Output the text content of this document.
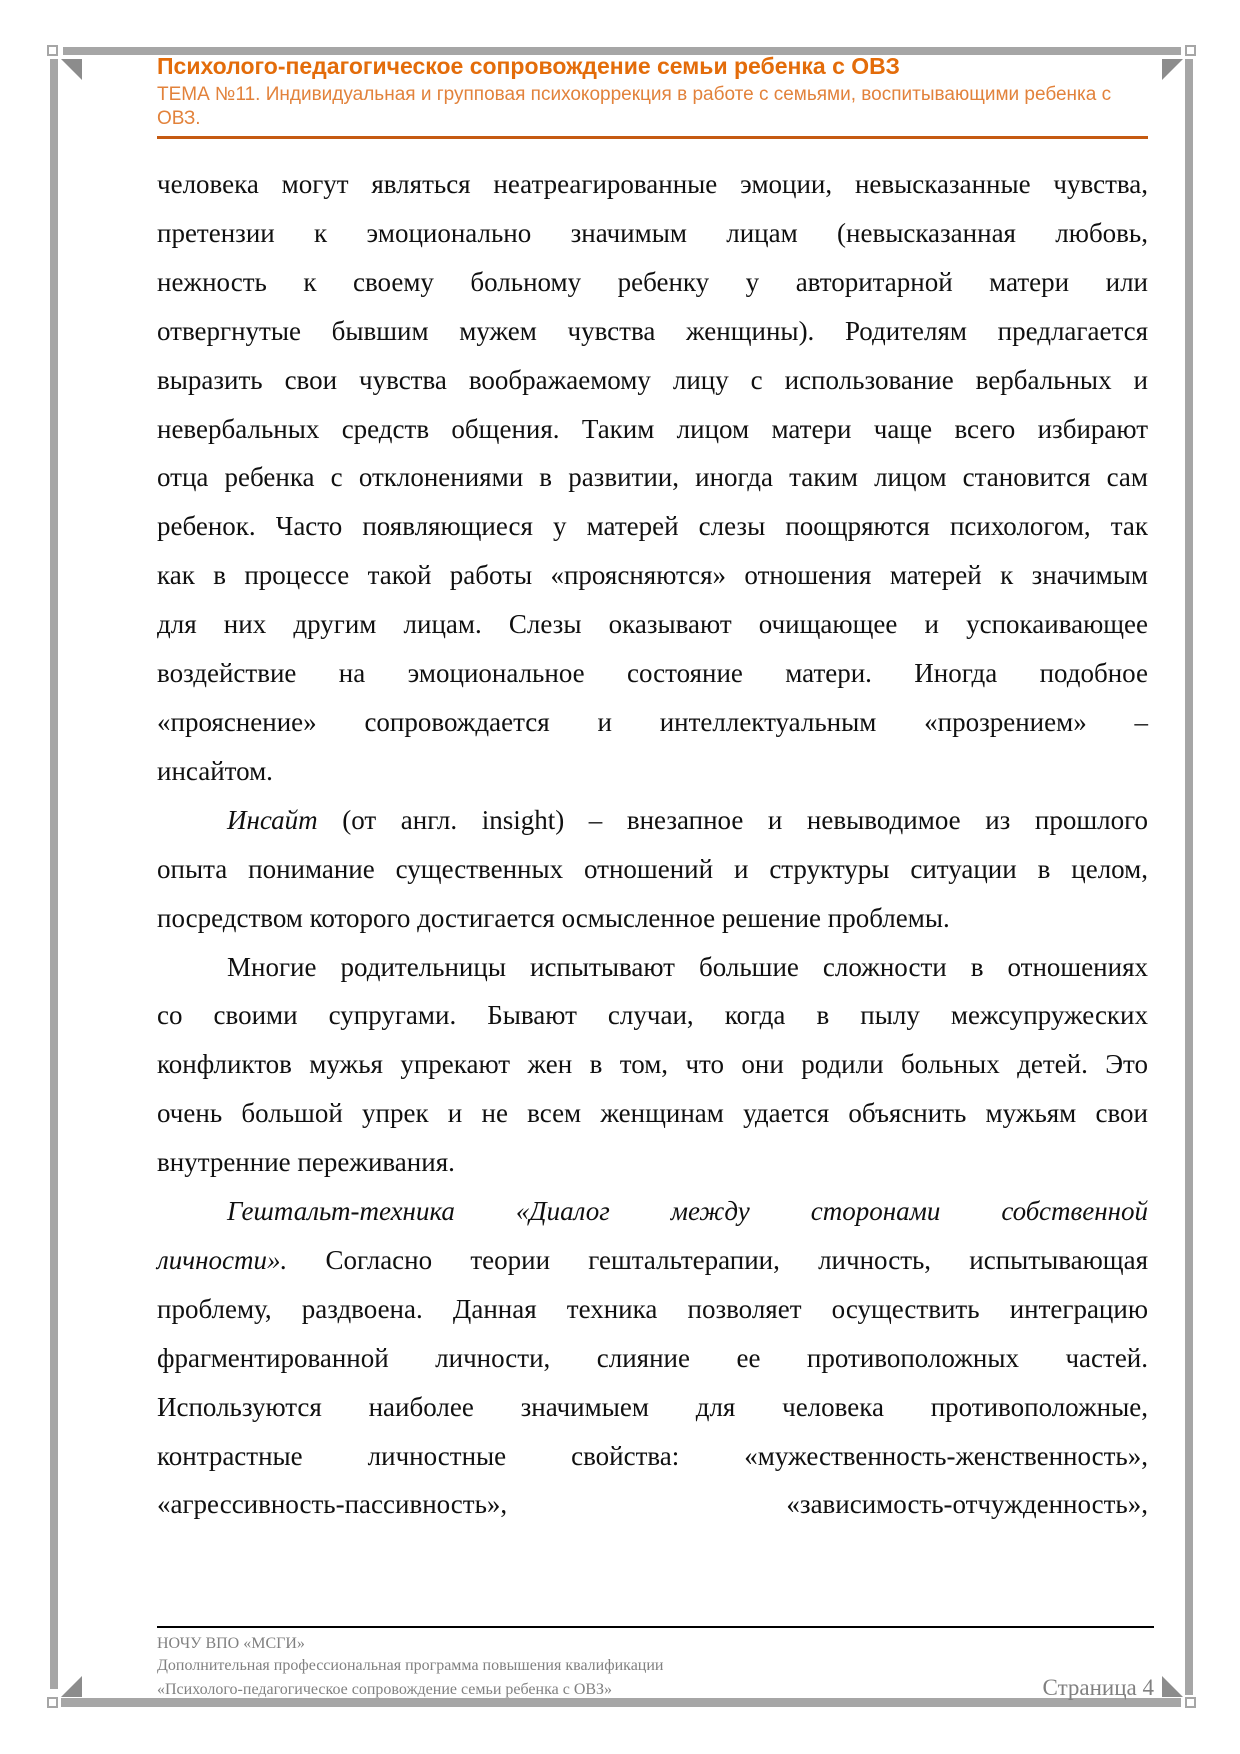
Психолого-педагогическое сопровождение семьи ребенка с ОВЗ
ТЕМА №11. Индивидуальная и групповая психокоррекция в работе с семьями, воспитывающими ребенка с
ОВЗ.
человека могут являться неатреагированные эмоции, невысказанные чувства,
претензии к эмоционально значимым лицам (невысказанная любовь,
нежность к своему больному ребенку у авторитарной матери или
отвергнутые бывшим мужем чувства женщины). Родителям предлагается
выразить свои чувства воображаемому лицу с использование вербальных и
невербальных средств общения. Таким лицом матери чаще всего избирают
отца ребенка с отклонениями в развитии, иногда таким лицом становится сам
ребенок. Часто появляющиеся у матерей слезы поощряются психологом, так
как в процессе такой работы «проясняются» отношения матерей к значимым
для них другим лицам. Слезы оказывают очищающее и успокаивающее
воздействие на эмоциональное состояние матери. Иногда подобное
«прояснение» сопровождается и интеллектуальным «прозрением» –
инсайтом.
Инсайт (от англ. insight) – внезапное и невыводимое из прошлого
опыта понимание существенных отношений и структуры ситуации в целом,
посредством которого достигается осмысленное решение проблемы.
Многие родительницы испытывают большие сложности в отношениях
со своими супругами. Бывают случаи, когда в пылу межсупружеских
конфликтов мужья упрекают жен в том, что они родили больных детей. Это
очень большой упрек и не всем женщинам удается объяснить мужьям свои
внутренние переживания.
Гештальт-техника «Диалог между сторонами собственной
личности». Согласно теории гештальтерапии, личность, испытывающая
проблему, раздвоена. Данная техника позволяет осуществить интеграцию
фрагментированной личности, слияние ее противоположных частей.
Используются наиболее значимыем для человека противоположные,
контрастные личностные свойства: «мужественность-женственность»,
«агрессивность-пассивность», «зависимость-отчужденность»,
НОЧУ ВПО «МСГИ»
Дополнительная профессиональная программа повышения квалификации
«Психолого-педагогическое сопровождение семьи ребенка с ОВЗ»	Страница 4
